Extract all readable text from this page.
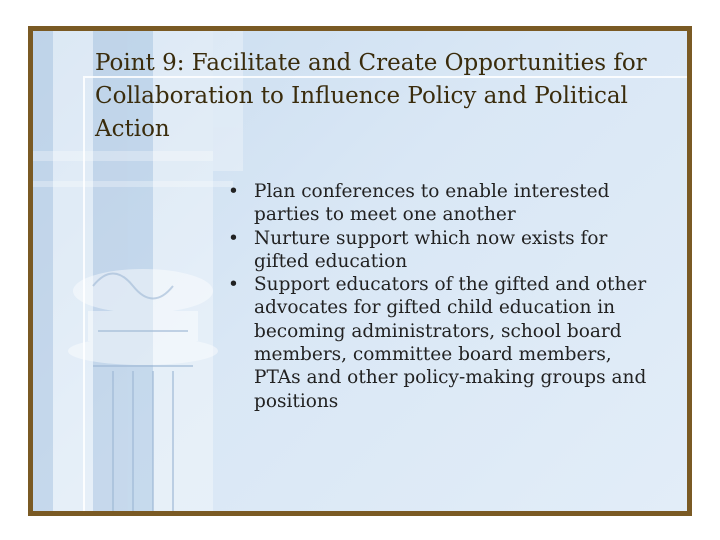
Point 9: Facilitate and Create Opportunities for Collaboration to Influence Policy and Political Action
• Plan conferences to enable interested parties to meet one another
• Nurture support which now exists for gifted education
• Support educators of the gifted and other advocates for gifted child education in becoming administrators, school board members, committee board members, PTAs and other policy-making groups and positions
